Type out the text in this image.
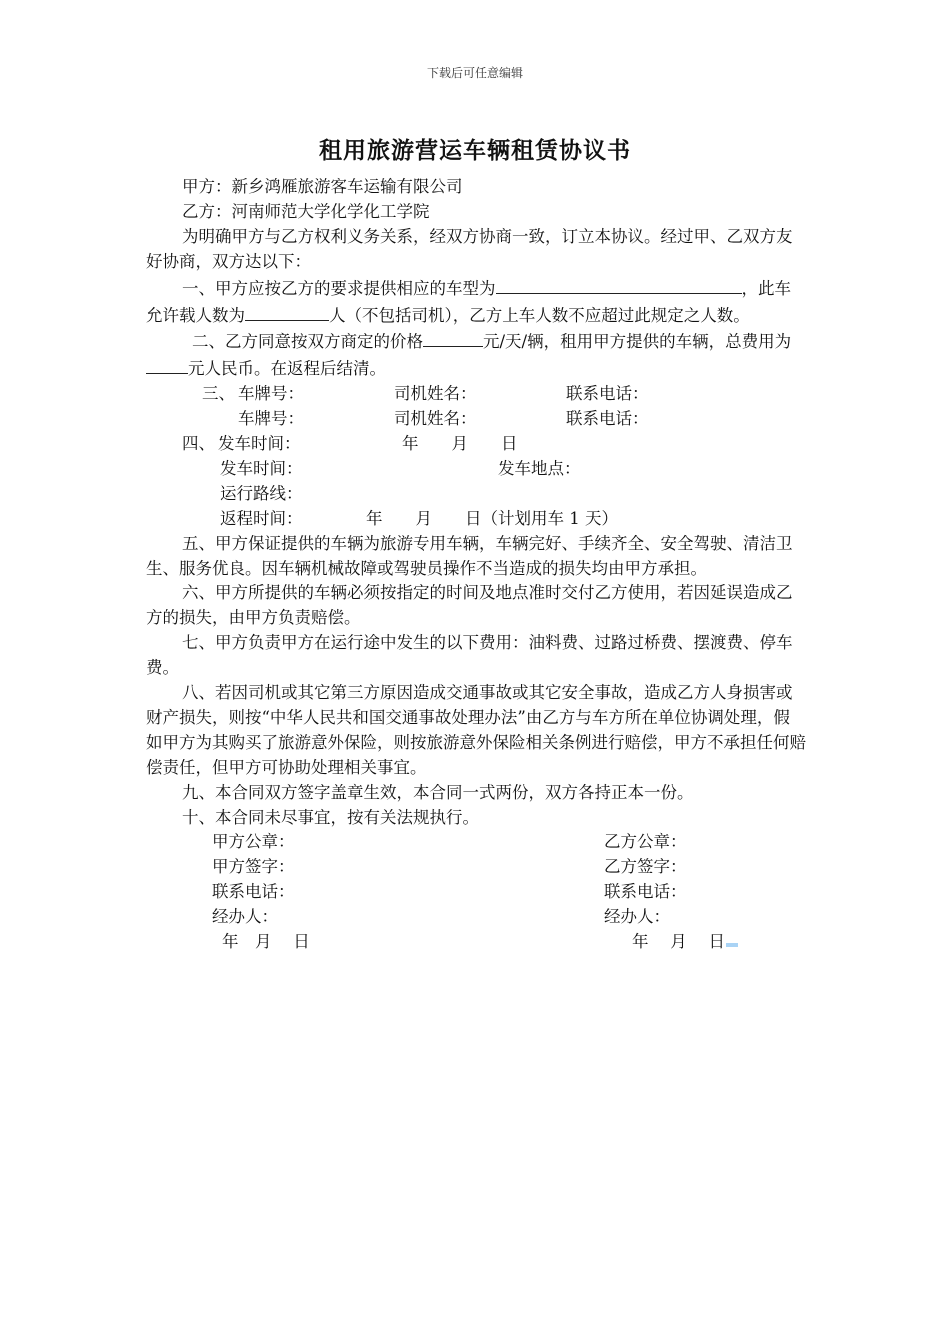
下载后可任意编辑
租用旅游营运车辆租赁协议书

甲方：新乡鸿雁旅游客车运输有限公司

乙方：河南师范大学化学化工学院

为明确甲方与乙方权利义务关系，经双方协商一致，订立本协议。经过甲、乙双方友好协商，双方达以下：

一、甲方应按乙方的要求提供相应的车型为	，此车允许载人数为	人（不包括司机），乙方上车人数不应超过此规定之人数。

二、乙方同意按双方商定的价格	元/天/辆，租用甲方提供的车辆，总费用为元人民币。在返程后结清。

三、 车牌号：	司机姓名：	联系电话：
车牌号：	司机姓名：	联系电话：
四、 发车时间：	年　　月　　日
发车时间：	发车地点：
运行路线：
返程时间：	年　　月　　日（计划用车 1 天）

五、甲方保证提供的车辆为旅游专用车辆，车辆完好、手续齐全、安全驾驶、清洁卫生、服务优良。因车辆机械故障或驾驶员操作不当造成的损失均由甲方承担。

六、甲方所提供的车辆必须按指定的时间及地点准时交付乙方使用，若因延误造成乙方的损失，由甲方负责赔偿。

七、甲方负责甲方在运行途中发生的以下费用：油料费、过路过桥费、摆渡费、停车费。

八、若因司机或其它第三方原因造成交通事故或其它安全事故，造成乙方人身损害或财产损失，则按“中华人民共和国交通事故处理办法”由乙方与车方所在单位协调处理，假如甲方为其购买了旅游意外保险，则按旅游意外保险相关条例进行赔偿，甲方不承担任何赔偿责任，但甲方可协助处理相关事宜。

九、本合同双方签字盖章生效，本合同一式两份，双方各持正本一份。

十、本合同未尽事宜，按有关法规执行。

甲方公章：	乙方公章：
甲方签字：	乙方签字：
联系电话：	联系电话：
经办人：	经办人：
年　月　 日	年　 月　 日
